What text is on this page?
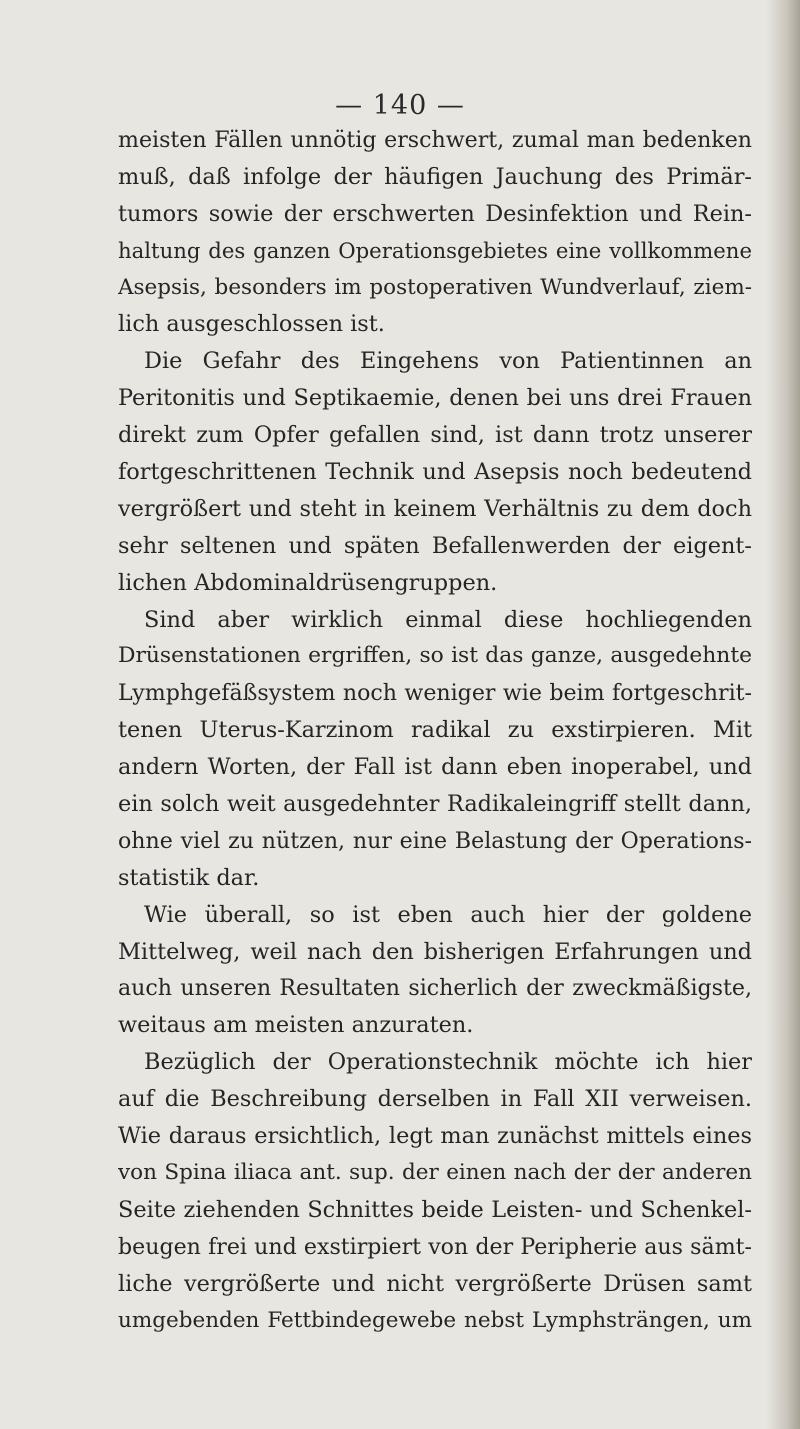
— 140 —
meisten Fällen unnötig erschwert, zumal man bedenken
muß, daß infolge der häufigen Jauchung des Primär-
tumors sowie der erschwerten Desinfektion und Rein-
haltung des ganzen Operationsgebietes eine vollkommene
Asepsis, besonders im postoperativen Wundverlauf, ziem-
lich ausgeschlossen ist.
Die Gefahr des Eingehens von Patientinnen an
Peritonitis und Septikaemie, denen bei uns drei Frauen
direkt zum Opfer gefallen sind, ist dann trotz unserer
fortgeschrittenen Technik und Asepsis noch bedeutend
vergrößert und steht in keinem Verhältnis zu dem doch
sehr seltenen und späten Befallenwerden der eigent-
lichen Abdominaldrüsengruppen.
Sind aber wirklich einmal diese hochliegenden
Drüsenstationen ergriffen, so ist das ganze, ausgedehnte
Lymphgefäßsystem noch weniger wie beim fortgeschrit-
tenen Uterus-Karzinom radikal zu exstirpieren. Mit
andern Worten, der Fall ist dann eben inoperabel, und
ein solch weit ausgedehnter Radikaleingriff stellt dann,
ohne viel zu nützen, nur eine Belastung der Operations-
statistik dar.
Wie überall, so ist eben auch hier der goldene
Mittelweg, weil nach den bisherigen Erfahrungen und
auch unseren Resultaten sicherlich der zweckmäßigste,
weitaus am meisten anzuraten.
Bezüglich der Operationstechnik möchte ich hier
auf die Beschreibung derselben in Fall XII verweisen.
Wie daraus ersichtlich, legt man zunächst mittels eines
von Spina iliaca ant. sup. der einen nach der der anderen
Seite ziehenden Schnittes beide Leisten- und Schenkel-
beugen frei und exstirpiert von der Peripherie aus sämt-
liche vergrößerte und nicht vergrößerte Drüsen samt
umgebenden Fettbindegewebe nebst Lymphsträngen, um
